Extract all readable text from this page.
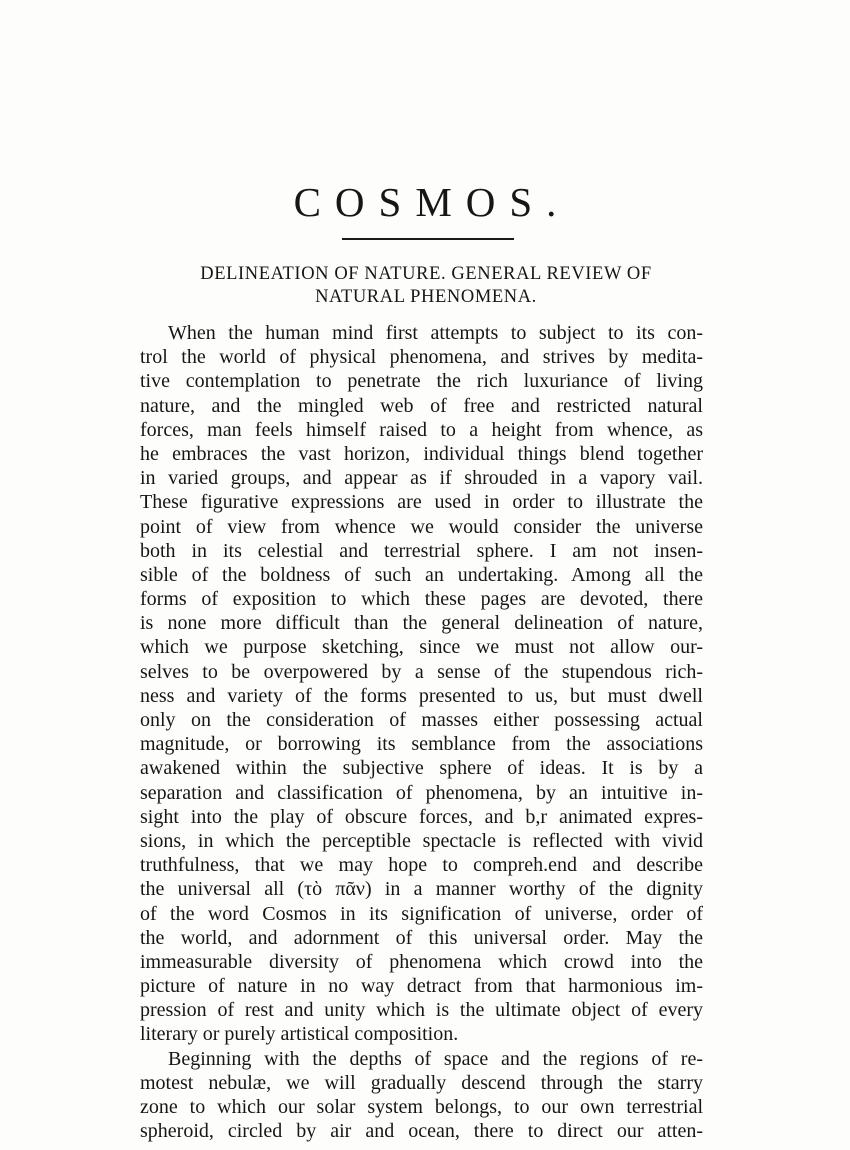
COSMOS.
DELINEATION OF NATURE. GENERAL REVIEW OF
NATURAL PHENOMENA.
When the human mind first attempts to subject to its con-
trol the world of physical phenomena, and strives by medita-
tive contemplation to penetrate the rich luxuriance of living
nature, and the mingled web of free and restricted natural
forces, man feels himself raised to a height from whence, as
he embraces the vast horizon, individual things blend together
in varied groups, and appear as if shrouded in a vapory vail.
These figurative expressions are used in order to illustrate the
point of view from whence we would consider the universe
both in its celestial and terrestrial sphere. I am not insen-
sible of the boldness of such an undertaking. Among all the
forms of exposition to which these pages are devoted, there
is none more difficult than the general delineation of nature,
which we purpose sketching, since we must not allow our-
selves to be overpowered by a sense of the stupendous rich-
ness and variety of the forms presented to us, but must dwell
only on the consideration of masses either possessing actual
magnitude, or borrowing its semblance from the associations
awakened within the subjective sphere of ideas. It is by a
separation and classification of phenomena, by an intuitive in-
sight into the play of obscure forces, and b,r animated expres-
sions, in which the perceptible spectacle is reflected with vivid
truthfulness, that we may hope to compreh.end and describe
the universal all (τὸ πᾶν) in a manner worthy of the dignity
of the word Cosmos in its signification of universe, order of
the world, and adornment of this universal order. May the
immeasurable diversity of phenomena which crowd into the
picture of nature in no way detract from that harmonious im-
pression of rest and unity which is the ultimate object of every
literary or purely artistical composition.
Beginning with the depths of space and the regions of re-
motest nebulæ, we will gradually descend through the starry
zone to which our solar system belongs, to our own terrestrial
spheroid, circled by air and ocean, there to direct our atten-
